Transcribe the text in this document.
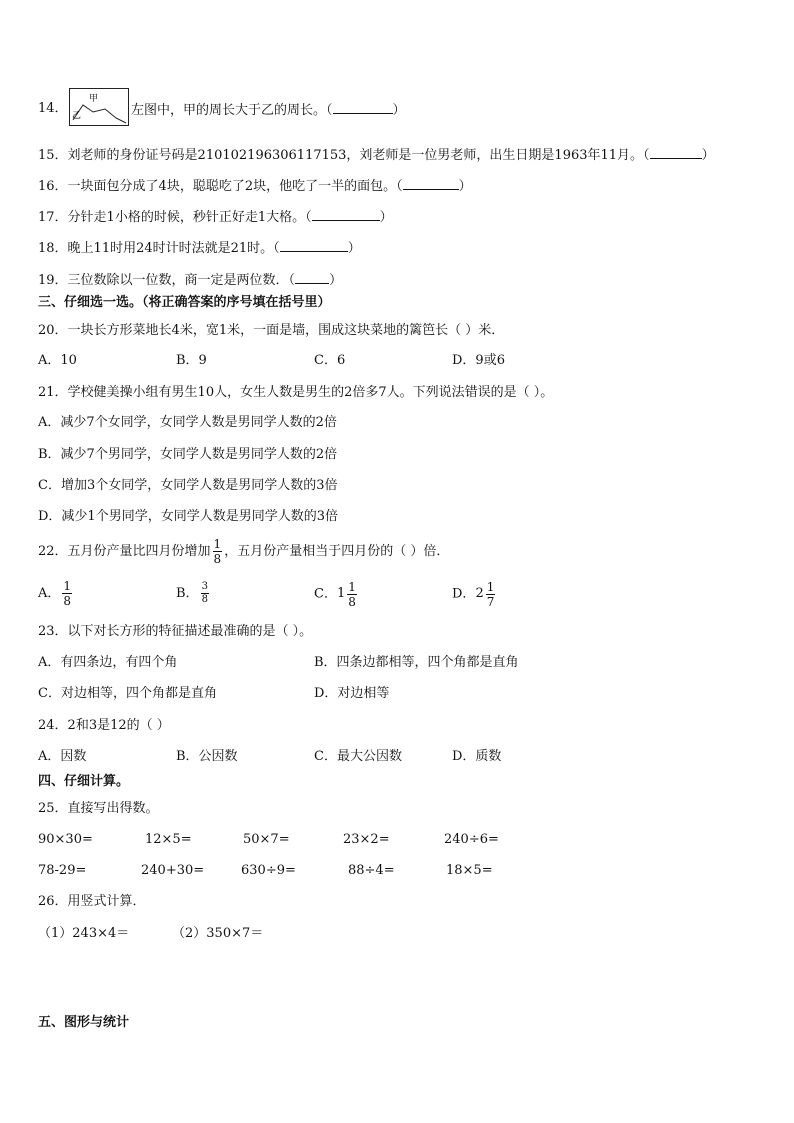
14．
甲
乙	左图中，甲的周长大于乙的周长。（	）
15．刘老师的身份证号码是210102196306117153，刘老师是一位男老师，出生日期是1963年11月。（	）
16．一块面包分成了4块，聪聪吃了2块，他吃了一半的面包。（	）
17．分针走1小格的时候，秒针正好走1大格。（	）
18．晚上11时用24时计时法就是21时。（	）
19．三位数除以一位数，商一定是两位数．（	）
三、仔细选一选。（将正确答案的序号填在括号里）
20．一块长方形菜地长4米，宽1米，一面是墙，围成这块菜地的篱笆长（ ）米．
A．10	B．9	C．6	D．9或6
21．学校健美操小组有男生10人，女生人数是男生的2倍多7人。下列说法错误的是（ ）。
A．减少7个女同学，女同学人数是男同学人数的2倍
B．减少7个男同学，女同学人数是男同学人数的2倍
C．增加3个女同学，女同学人数是男同学人数的3倍
D．减少1个男同学，女同学人数是男同学人数的3倍
22．五月份产量比四月份增加 $\frac{1}{8}$ ，五月份产量相当于四月份的（ ）倍．
A． $\frac{1}{8}$	B． $\frac{3}{8}$	C． $1 \frac{1}{8}$	D． $2 \frac{1}{7}$
23．以下对长方形的特征描述最准确的是（ ）。
A．有四条边，有四个角	B．四条边都相等，四个角都是直角
C．对边相等，四个角都是直角	D．对边相等
24．2和3是12的（ ）
A．因数	B．公因数	C．最大公因数	D．质数
四、仔细计算。
25．直接写出得数。
90×30=	12×5=	50×7=	23×2=	240÷6=
78-29=	240+30=	630÷9=	88÷4=	18×5=
26．用竖式计算．
（1）243×4＝	（2）350×7＝
五、图形与统计
